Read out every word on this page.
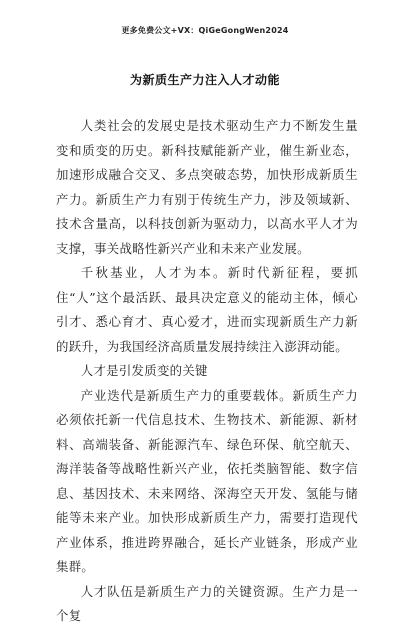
更多免费公文+VX：QiGeGongWen2024
为新质生产力注入人才动能

人类社会的发展史是技术驱动生产力不断发生量变和质变的历史。新科技赋能新产业，催生新业态，加速形成融合交叉、多点突破态势，加快形成新质生产力。新质生产力有别于传统生产力，涉及领域新、技术含量高，以科技创新为驱动力，以高水平人才为支撑，事关战略性新兴产业和未来产业发展。

千秋基业，人才为本。新时代新征程，要抓住“人”这个最活跃、最具决定意义的能动主体，倾心引才、悉心育才、真心爱才，进而实现新质生产力新的跃升，为我国经济高质量发展持续注入澎湃动能。

人才是引发质变的关键

产业迭代是新质生产力的重要载体。新质生产力必须依托新一代信息技术、生物技术、新能源、新材料、高端装备、新能源汽车、绿色环保、航空航天、海洋装备等战略性新兴产业，依托类脑智能、数字信息、基因技术、未来网络、深海空天开发、氢能与储能等未来产业。加快形成新质生产力，需要打造现代产业体系，推进跨界融合，延长产业链条，形成产业集群。

人才队伍是新质生产力的关键资源。生产力是一个复
